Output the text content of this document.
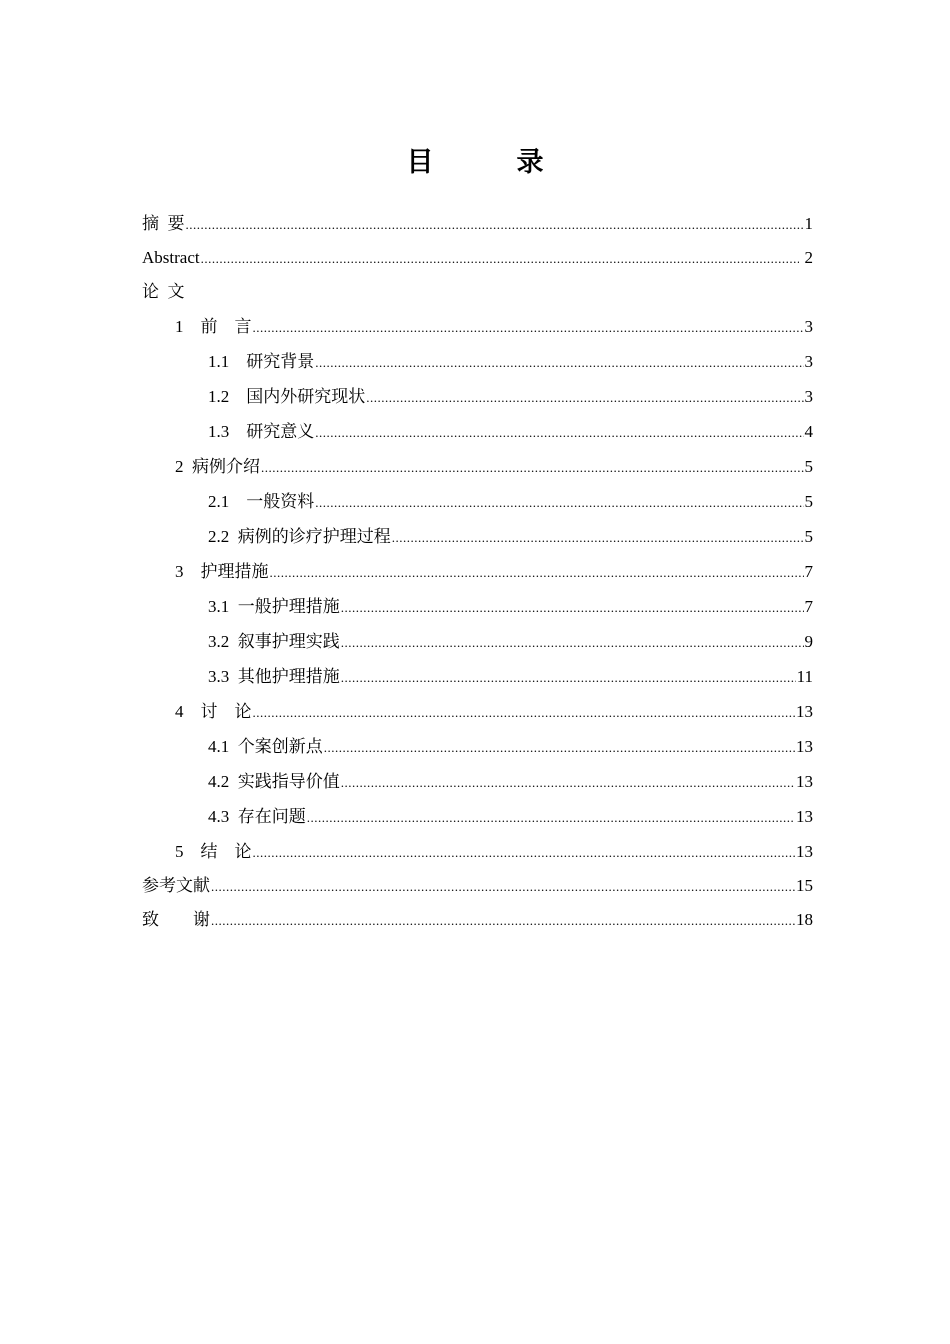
目　录
摘  要 .....	1
Abstract .....	2
论  文
1　前　言 .....	3
1.1　研究背景 .....	3
1.2　国内外研究现状 .....	3
1.3　研究意义 .....	4
2  病例介绍 .....	5
2.1　一般资料 .....	5
2.2  病例的诊疗护理过程 .....	5
3　护理措施 .....	7
3.1  一般护理措施 .....	7
3.2  叙事护理实践 .....	9
3.3  其他护理措施 .....	11
4　讨　论 .....	13
4.1  个案创新点 .....	13
4.2  实践指导价值 .....	13
4.3  存在问题 .....	13
5　结　论 .....	13
参考文献 .....	15
致　　谢 .....	18
